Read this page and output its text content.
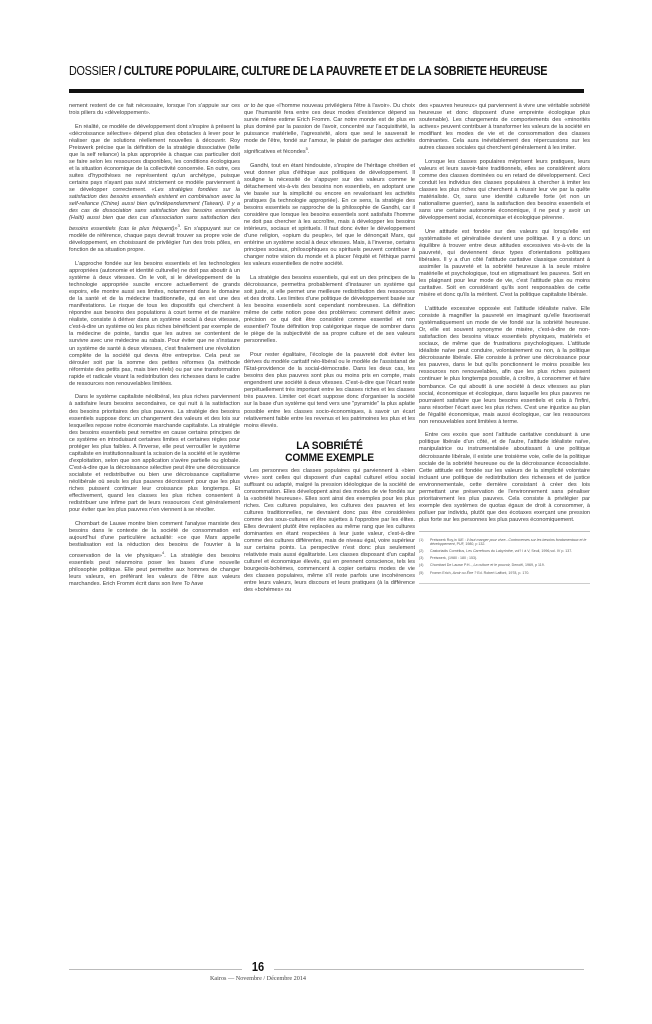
DOSSIER / CULTURE POPULAIRE, CULTURE DE LA PAUVRETE ET DE LA SOBRIETE HEUREUSE

nement restent de ce fait nécessaire, lorsque l'on s'appuie sur ces trois piliers du «développement».

En réalité, ce modèle de développement dont s'inspire à présent la «décroissance sélective» dépend plus des obstacles à lever pour le réaliser que de solutions réellement nouvelles à découvrir. Roy Preiswerk précise que la définition de la stratégie dissociative (telle que la self reliance) la plus appropriée à chaque cas particulier doit se faire selon les ressources disponibles, les conditions écologiques et la situation économique de la collectivité concernée. En outre, ces suites d'hypothèses ne représentent qu'un archétype, puisque certains pays n'ayant pas suivi strictement ce modèle parviennent à se développer correctement. «Les stratégies fondées sur la satisfaction des besoins essentiels existent en combinaison avec la self-reliance (Chine) aussi bien qu'indépendamment (Taiwan). Il y a des cas de dissociation sans satisfaction des besoins essentiels (Haïti) aussi bien que des cas d'association sans satisfaction des besoins essentiels (cas le plus fréquent)»$^3$. En s'appuyant sur ce modèle de référence, chaque pays devrait trouver sa propre voie de développement, en choisissant de privilégier l'un des trois pôles, en fonction de sa situation propre.

L'approche fondée sur les besoins essentiels et les technologies appropriées (autonomie et identité culturelle) ne doit pas aboutir à un système à deux vitesses. On le voit, si le développement de la technologie appropriée suscite encore actuellement de grands espoirs, elle montre aussi ses limites, notamment dans le domaine de la santé et de la médecine traditionnelle, qui en est une des manifestations. Le risque de tous les dispositifs qui cherchent à répondre aux besoins des populations à court terme et de manière réaliste, consiste à dériver dans un système social à deux vitesses, c'est-à-dire un système où les plus riches bénéficient par exemple de la médecine de pointe, tandis que les autres se contentent de survivre avec une médecine au rabais. Pour éviter que ne s'instaure un système de santé à deux vitesses, c'est finalement une révolution complète de la société qui devra être entreprise. Cela peut se dérouler soit par la somme des petites réformes (la méthode réformiste des petits pas, mais bien réels) ou par une transformation rapide et radicale visant la redistribution des richesses dans le cadre de ressources non renouvelables limitées.

Dans le système capitaliste néolibéral, les plus riches parviennent à satisfaire leurs besoins secondaires, ce qui nuit à la satisfaction des besoins prioritaires des plus pauvres. La stratégie des besoins essentiels suppose donc un changement des valeurs et des lois sur lesquelles repose notre économie marchande capitaliste. La stratégie des besoins essentiels peut remettre en cause certains principes de ce système en introduisant certaines limites et certaines règles pour protéger les plus faibles. A l'inverse, elle peut verrouiller le système capitaliste en institutionnalisant la scission de la société et le système d'exploitation, selon que son application s'avère partielle ou globale. C'est-à-dire que la décroissance sélective peut être une décroissance socialiste et redistributive ou bien une décroissance capitalisme néolibérale où seuls les plus pauvres décroissent pour que les plus riches puissent continuer leur croissance plus longtemps. Et effectivement, quand les classes les plus riches consentent à redistribuer une infime part de leurs ressources c'est généralement pour éviter que les plus pauvres n'en viennent à se révolter.

Chombart de Lauwe montre bien comment l'analyse marxiste des besoins dans le contexte de la société de consommation est aujourd'hui d'une particulière actualité: «ce que Marx appelle bestialisation est la réduction des besoins de l'ouvrier à la conservation de la vie physique»$^4$. La stratégie des besoins essentiels peut néanmoins poser les bases d'une nouvelle philosophie politique. Elle peut permettre aux hommes de changer leurs valeurs, en préférant les valeurs de l'être aux valeurs marchandes. Erich Fromm écrit dans son livre To have

or to be que «l'homme nouveau privilégiera l'être à l'avoir». Du choix que l'humanité fera entre ces deux modes d'existence dépend sa survie même estime Erich Fromm. Car notre monde est de plus en plus dominé par la passion de l'avoir, concentré sur l'acquisitivité, la puissance matérielle, l'agressivité, alors que seul le sauverait le mode de l'être, fondé sur l'amour, le plaisir de partager des activités significatives et fécondes$^5$.

Gandhi, tout en étant hindouiste, s'inspire de l'héritage chrétien et veut donner plus d'éthique aux politiques de développement. Il souligne la nécessité de s'appuyer sur des valeurs comme le détachement vis-à-vis des besoins non essentiels, en adoptant une vie basée sur la simplicité ou encore en revalorisant les activités pratiques (la technologie appropriée). En ce sens, la stratégie des besoins essentiels se rapproche de la philosophie de Gandhi, car il considère que lorsque les besoins essentiels sont satisfaits l'homme ne doit pas chercher à les accroître, mais à développer les besoins intérieurs, sociaux et spirituels. Il faut donc éviter le développement d'une religion, «opium du peuple», tel que le dénonçait Marx, qui entérine un système social à deux vitesses. Mais, à l'inverse, certains principes sociaux, philosophiques ou spirituels peuvent contribuer à changer notre vision du monde et à placer l'équité et l'éthique parmi les valeurs essentielles de notre société.

La stratégie des besoins essentiels, qui est un des principes de la décroissance, permettra probablement d'instaurer un système qui soit juste, si elle permet une meilleure redistribution des ressources et des droits. Les limites d'une politique de développement basée sur les besoins essentiels sont cependant nombreuses. La définition même de cette notion pose des problèmes: comment définir avec précision ce qui doit être considéré comme essentiel et non essentiel? Toute définition trop catégorique risque de sombrer dans le piège de la subjectivité de sa propre culture et de ses valeurs personnelles.

Pour rester égalitaire, l'écologie de la pauvreté doit éviter les dérives du modèle caritatif néo-libéral ou le modèle de l'assistanat de l'Etat-providence de la social-démocratie. Dans les deux cas, les besoins des plus pauvres sont plus ou moins pris en compte, mais engendrent une société à deux vitesses. C'est-à-dire que l'écart reste perpétuellement très important entre les classes riches et les classes très pauvres. Limiter cet écart suppose donc d'organiser la société sur la base d'un système qui tend vers une "pyramide" la plus aplatie possible entre les classes socio-économiques, à savoir un écart relativement faible entre les revenus et les patrimoines les plus et les moins élevés.

LA SOBRIÉTÉ
COMME EXEMPLE

Les personnes des classes populaires qui parviennent à «bien vivre» sont celles qui disposent d'un capital culturel et/ou social suffisant ou adapté, malgré la pression idéologique de la société de consommation. Elles développent ainsi des modes de vie fondés sur la «sobriété heureuse». Elles sont ainsi des exemples pour les plus riches. Ces cultures populaires, les cultures des pauvres et les cultures traditionnelles, ne devraient donc pas être considérées comme des sous-cultures et être sujettes à l'opprobre par les élites. Elles devraient plutôt être replacées au même rang que les cultures dominantes en étant respectées à leur juste valeur, c'est-à-dire comme des cultures différentes, mais de niveau égal, voire supérieur sur certains points. La perspective n'est donc plus seulement relativiste mais aussi égalitariste. Les classes disposant d'un capital culturel et économique élevés, qui en prennent conscience, tels les bourgeois-bohèmes, commencent à copier certains modes de vie des classes populaires, même s'il reste parfois une incohérences entre leurs valeurs, leurs discours et leurs pratiques (à la différence des «bohèmes» ou

des «pauvres heureux» qui parviennent à vivre une véritable sobriété heureuse et donc disposent d'une empreinte écologique plus soutenable). Les changements de comportements des «minorités actives» peuvent contribuer à transformer les valeurs de la société en modifiant les modes de vie et de consommation des classes dominantes. Cela aura inévitablement des répercussions sur les autres classes sociales qui cherchent généralement à les imiter.

Lorsque les classes populaires méprisent leurs pratiques, leurs valeurs et leurs savoir-faire traditionnels, elles se considèrent alors comme des classes dominées ou en retard de développement. Ceci conduit les individus des classes populaires à chercher à imiter les classes les plus riches qui cherchent à réussir leur vie par la quête matérialiste. Or, sans une identité culturelle forte (et non un nationalisme guerrier), sans la satisfaction des besoins essentiels et sans une certaine autonomie économique, il ne peut y avoir un développement social, économique et écologique pérenne.

Une attitude est fondée sur des valeurs qui lorsqu'elle est systématisée et généralisée devient une politique. Il y a donc un équilibre à trouver entre deux attitudes excessives vis-à-vis de la pauvreté, qui deviennent deux types d'orientations politiques libérales. Il y a d'un côté l'attitude caritative classique consistant à assimiler la pauvreté et la sobriété heureuse à la seule misère matérielle et psychologique, tout en stigmatisant les pauvres. Soit en les plaignant pour leur mode de vie, c'est l'attitude plus ou moins caritative. Soit en considérant qu'ils sont responsables de cette misère et donc qu'ils la méritent. C'est la politique capitaliste libérale.

L'attitude excessive opposée est l'attitude idéaliste naïve. Elle consiste à magnifier la pauvreté en imaginant qu'elle favoriserait systématiquement un mode de vie fondé sur la sobriété heureuse. Or, elle est souvent synonyme de misère, c'est-à-dire de non-satisfaction des besoins vitaux essentiels physiques, matériels et sociaux, de même que de frustrations psychologiques. L'attitude idéaliste naïve peut conduire, volontairement ou non, à la politique décroissante libérale. Elle consiste à prôner une décroissance pour les pauvres, dans le but qu'ils ponctionnent le moins possible les ressources non renouvelables, afin que les plus riches puissent continuer le plus longtemps possible, à croître, à consommer et faire bombance. Ce qui aboutit à une société à deux vitesses au plan social, économique et écologique, dans laquelle les plus pauvres ne pourraient satisfaire que leurs besoins essentiels et cela à l'infini, sans résorber l'écart avec les plus riches. C'est une injustice au plan de l'égalité économique, mais aussi écologique, car les ressources non renouvelables sont limitées à terme.

Entre ces excès que sont l'attitude caritative conduisant à une politique libérale d'un côté, et de l'autre, l'attitude idéaliste naïve, manipulatrice ou instrumentalisée aboutissant à une politique décroissante libérale, il existe une troisième voie, celle de la politique sociale de la sobriété heureuse ou de la décroissance écosocialiste. Cette attitude est fondée sur les valeurs de la simplicité volontaire incluant une politique de redistribution des richesses et de justice environnementale, cette dernière consistant à créer des lois permettant une préservation de l'environnement sans pénaliser prioritairement les plus pauvres. Cela consiste à privilégier par exemple des systèmes de quotas égaux de droit à consommer, à polluer par individu, plutôt que des écotaxes exerçant une pression plus forte sur les personnes les plus pauvres économiquement.

(1)	Preiswerk Roy,in IUE : Il faut manger pour vivre...Controverses sur les besoins fondamentaux et le développement, PUF, 1980, p 132.
(2)	Castoriadis Cornélius, Les Carrefours du Labyrinthe, vol? I à V, Seuil, 1996,vol. IV p. 137.
(3)	Preiswerk, (1980 : 180 ; 153).
(4)	Chombart De Lauwe P.H.., La culture et le pouvoir, Denoël, 1969, p 119.
(5)	Fromm Erich, Avoir ou Être ? Ed. Robert Laffont, 1978, p. 170.
16
Kairos — Novembre / Décembre 2014
